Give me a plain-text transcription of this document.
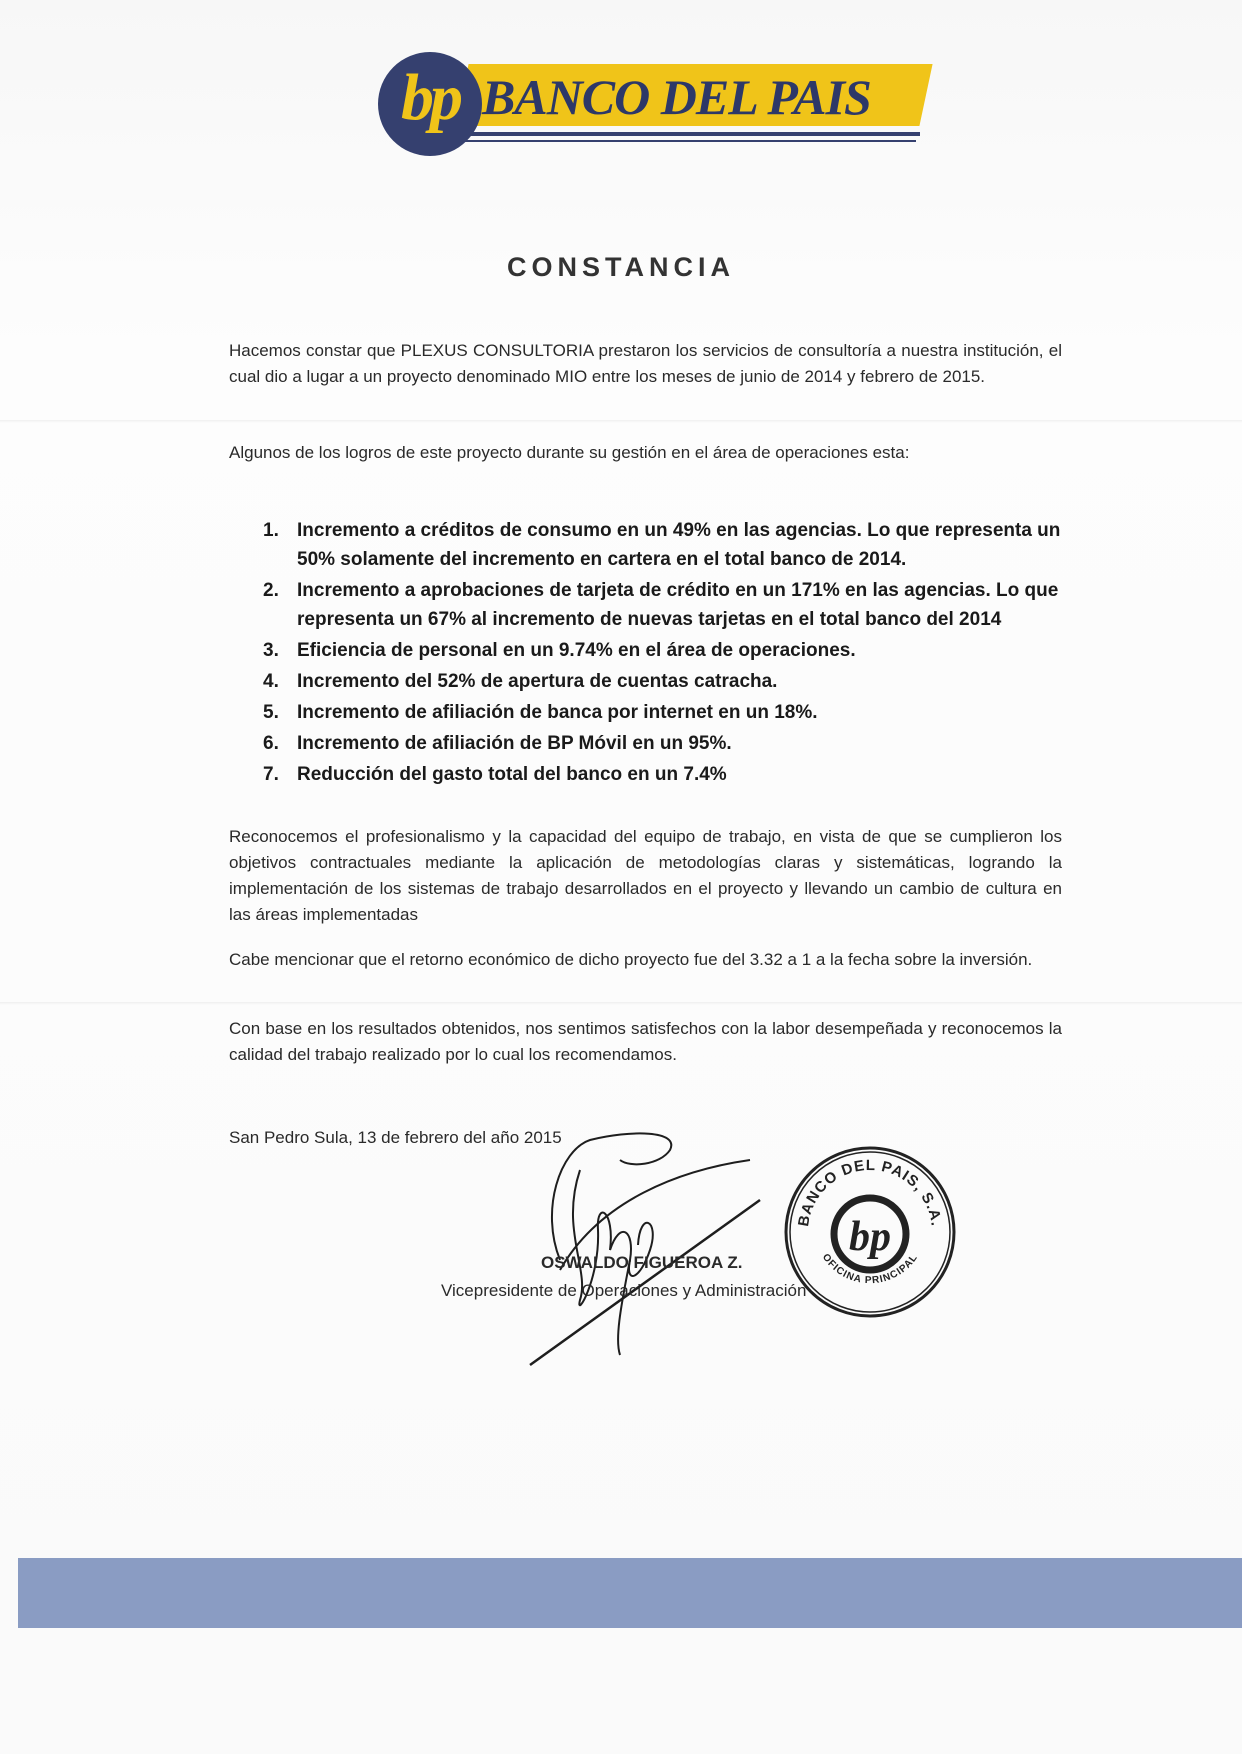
bp BANCO DEL PAIS
CONSTANCIA

Hacemos constar que PLEXUS CONSULTORIA prestaron los servicios de consultoría a nuestra institución, el cual dio a lugar a un proyecto denominado MIO entre los meses de junio de 2014 y febrero de 2015.

Algunos de los logros de este proyecto durante su gestión en el área de operaciones esta:

1. Incremento a créditos de consumo en un 49% en las agencias. Lo que representa un 50% solamente del incremento en cartera en el total banco de 2014.
2. Incremento a aprobaciones de tarjeta de crédito en un 171% en las agencias. Lo que representa un 67% al incremento de nuevas tarjetas en el total banco del 2014
3. Eficiencia de personal en un 9.74% en el área de operaciones.
4. Incremento del 52% de apertura de cuentas catracha.
5. Incremento de afiliación de banca por internet en un 18%.
6. Incremento de afiliación de BP Móvil en un 95%.
7. Reducción del gasto total del banco en un 7.4%

Reconocemos el profesionalismo y la capacidad del equipo de trabajo, en vista de que se cumplieron los objetivos contractuales mediante la aplicación de metodologías claras y sistemáticas, logrando la implementación de los sistemas de trabajo desarrollados en el proyecto y llevando un cambio de cultura en las áreas implementadas

Cabe mencionar que el retorno económico de dicho proyecto fue del 3.32 a 1 a la fecha sobre la inversión.

Con base en los resultados obtenidos, nos sentimos satisfechos con la labor desempeñada y reconocemos la calidad del trabajo realizado por lo cual los recomendamos.

San Pedro Sula, 13 de febrero del año 2015
OSWALDO FIGUEROA Z.
Vicepresidente de Operaciones y Administración
BANCO DEL PAIS, S.A.
OFICINA PRINCIPAL
bp
